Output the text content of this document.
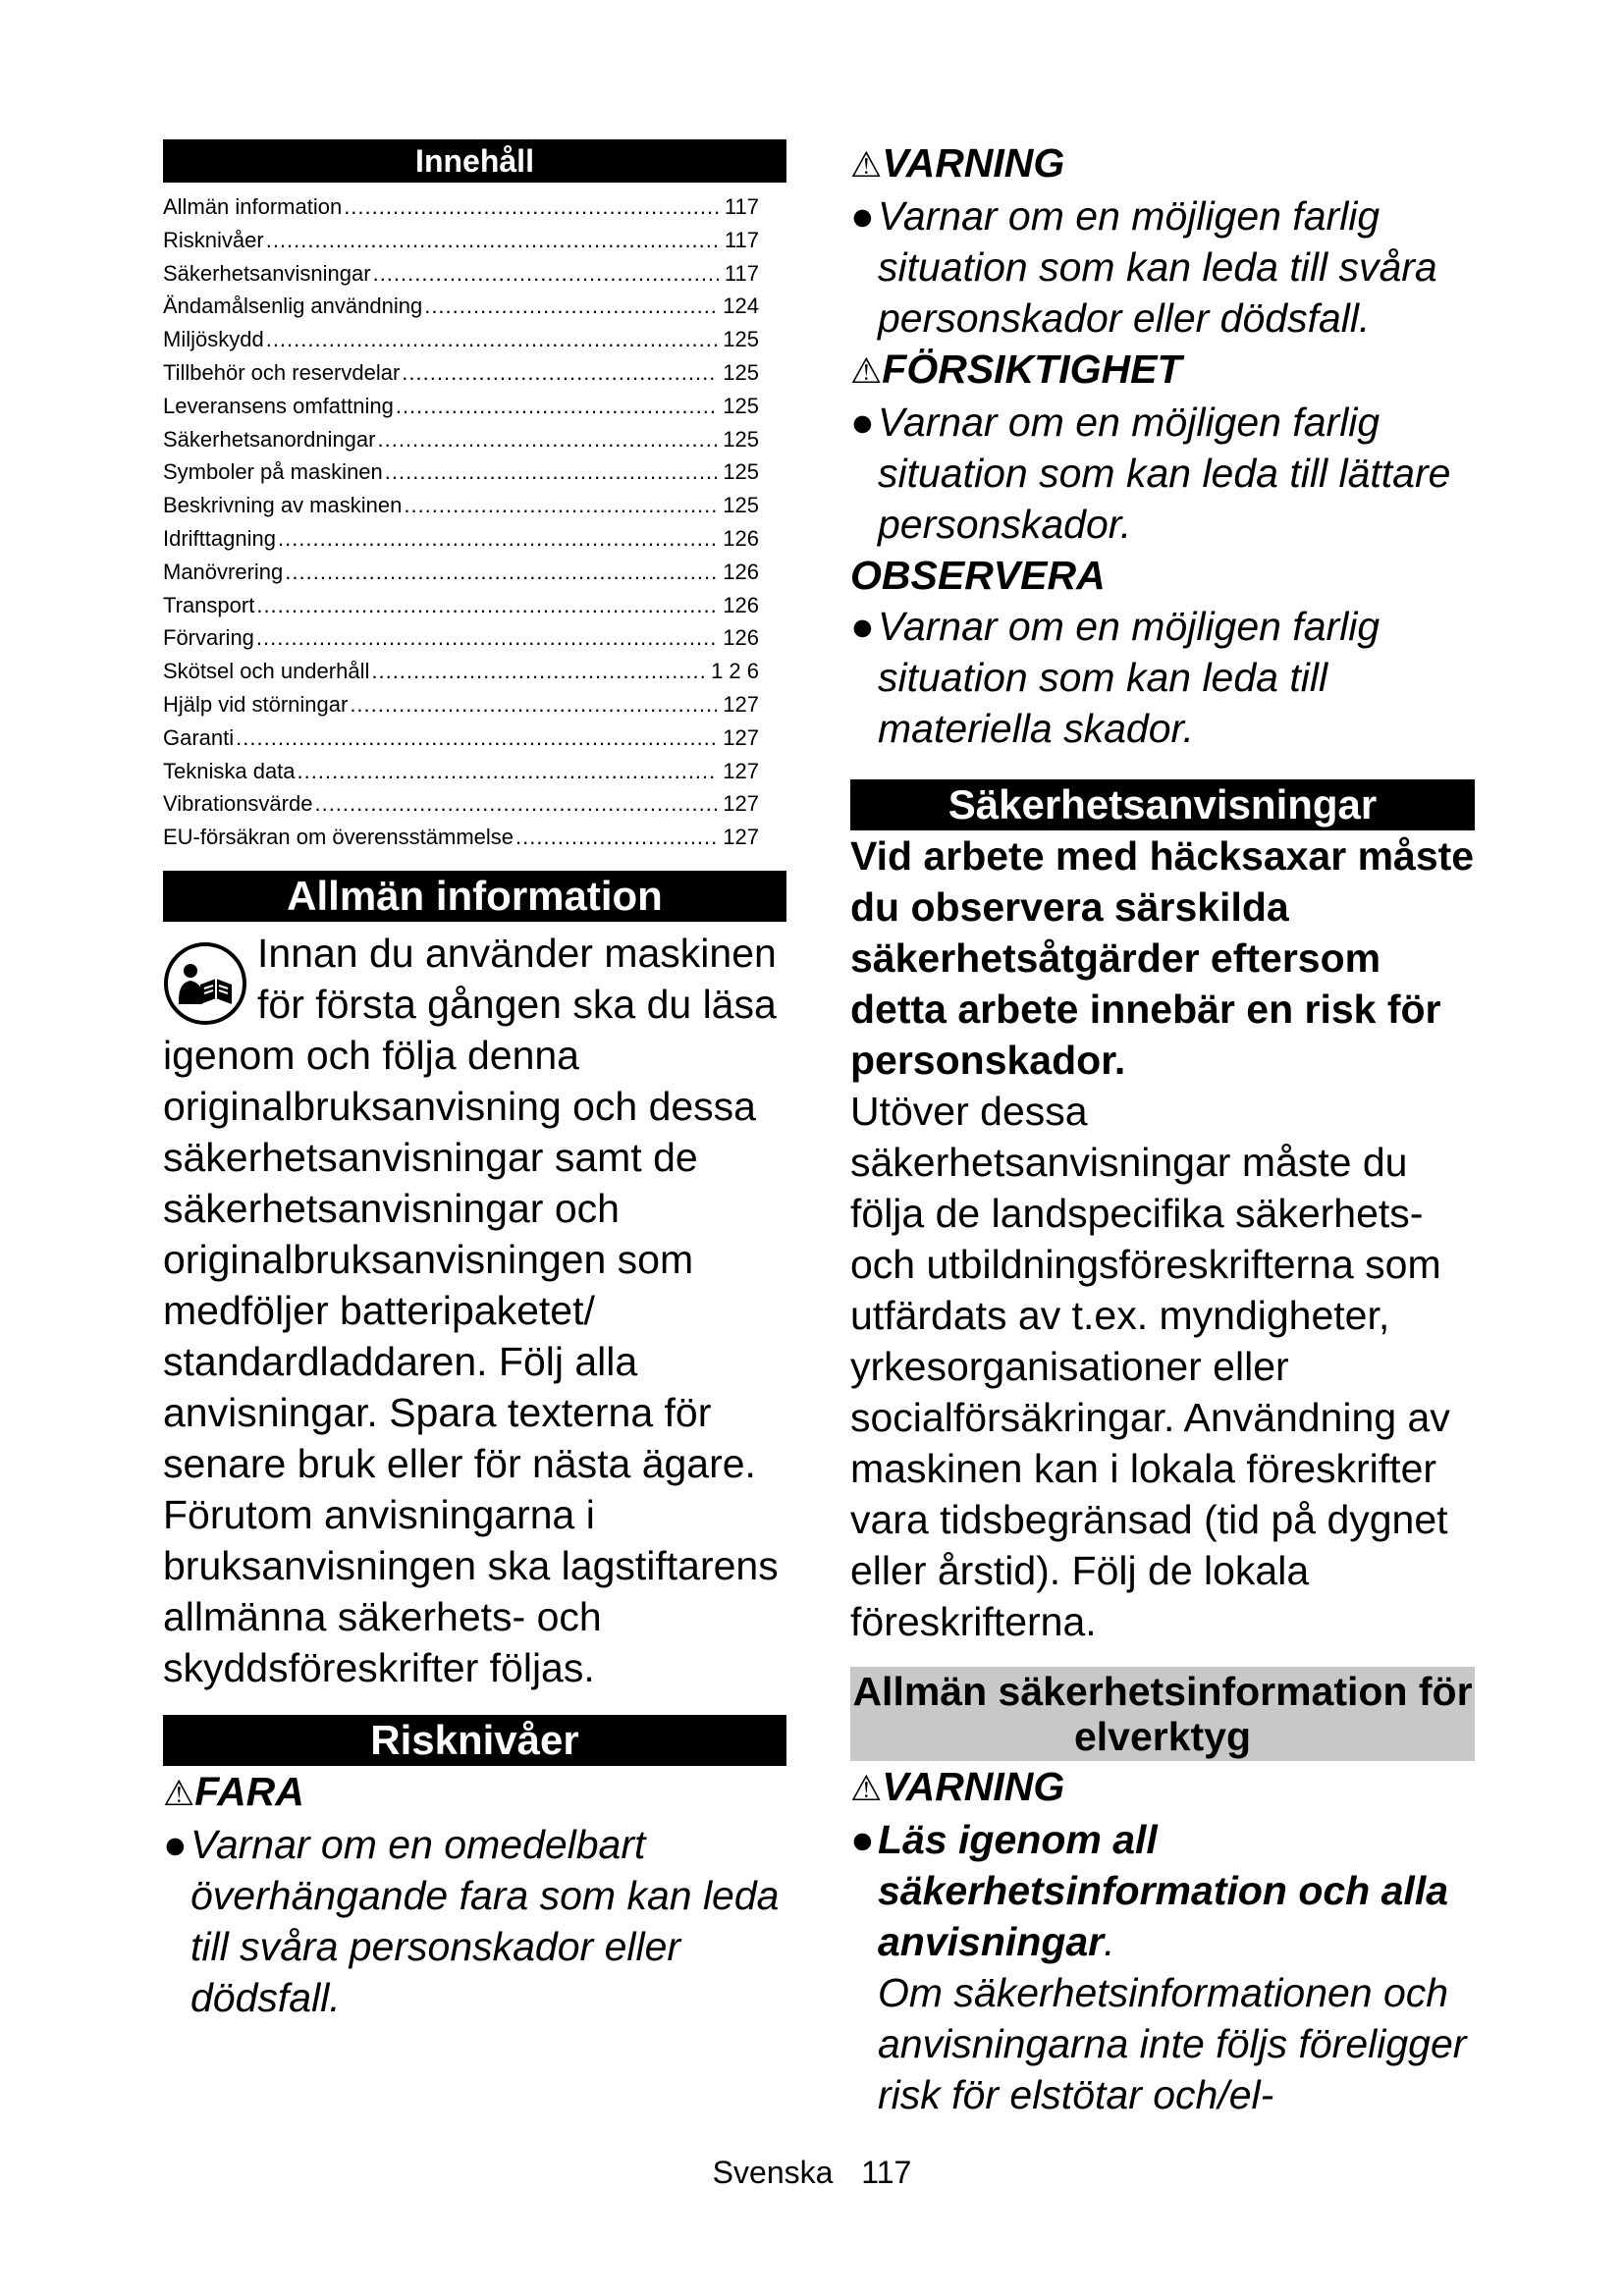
Innehåll
Allmän information .....	117
Risknivåer .....	117
Säkerhetsanvisningar .....	117
Ändamålsenlig användning .....	124
Miljöskydd .....	125
Tillbehör och reservdelar .....	125
Leveransens omfattning .....	125
Säkerhetsanordningar .....	125
Symboler på maskinen .....	125
Beskrivning av maskinen .....	125
Idrifttagning .....	126
Manövrering .....	126
Transport .....	126
Förvaring .....	126
Skötsel och underhåll .....	1 2 6
Hjälp vid störningar .....	127
Garanti .....	127
Tekniska data .....	127
Vibrationsvärde .....	127
EU-försäkran om överensstämmelse .....	127
Allmän information
Innan du använder maskinen för första gången ska du läsa igenom och följa denna originalbruksanvisning och dessa säkerhetsanvisningar samt de säkerhetsanvisningar och originalbruksanvisningen som medföljer batteripaketet/ standardladdaren. Följ alla anvisningar. Spara texterna för senare bruk eller för nästa ägare. Förutom anvisningarna i bruksanvisningen ska lagstiftarens allmänna säkerhets- och skyddsföreskrifter följas.
Risknivåer
⚠FARA
● Varnar om en omedelbart överhängande fara som kan leda till svåra personskador eller dödsfall.
⚠VARNING
● Varnar om en möjligen farlig situation som kan leda till svåra personskador eller dödsfall.
⚠FÖRSIKTIGHET
● Varnar om en möjligen farlig situation som kan leda till lättare personskador.
OBSERVERA
● Varnar om en möjligen farlig situation som kan leda till materiella skador.
Säkerhetsanvisningar
Vid arbete med häcksaxar måste du observera särskilda säkerhetsåtgärder eftersom detta arbete innebär en risk för personskador.
Utöver dessa säkerhetsanvisningar måste du följa de landspecifika säkerhets- och utbildningsföreskrifterna som utfärdats av t.ex. myndigheter, yrkesorganisationer eller socialförsäkringar. Användning av maskinen kan i lokala föreskrifter vara tidsbegränsad (tid på dygnet eller årstid). Följ de lokala föreskrifterna.
Allmän säkerhetsinformation för elverktyg
⚠VARNING
● Läs igenom all säkerhetsinformation och alla anvisningar.
Om säkerhetsinformationen och anvisningarna inte följs föreligger risk för elstötar och/el-
Svenska 117
